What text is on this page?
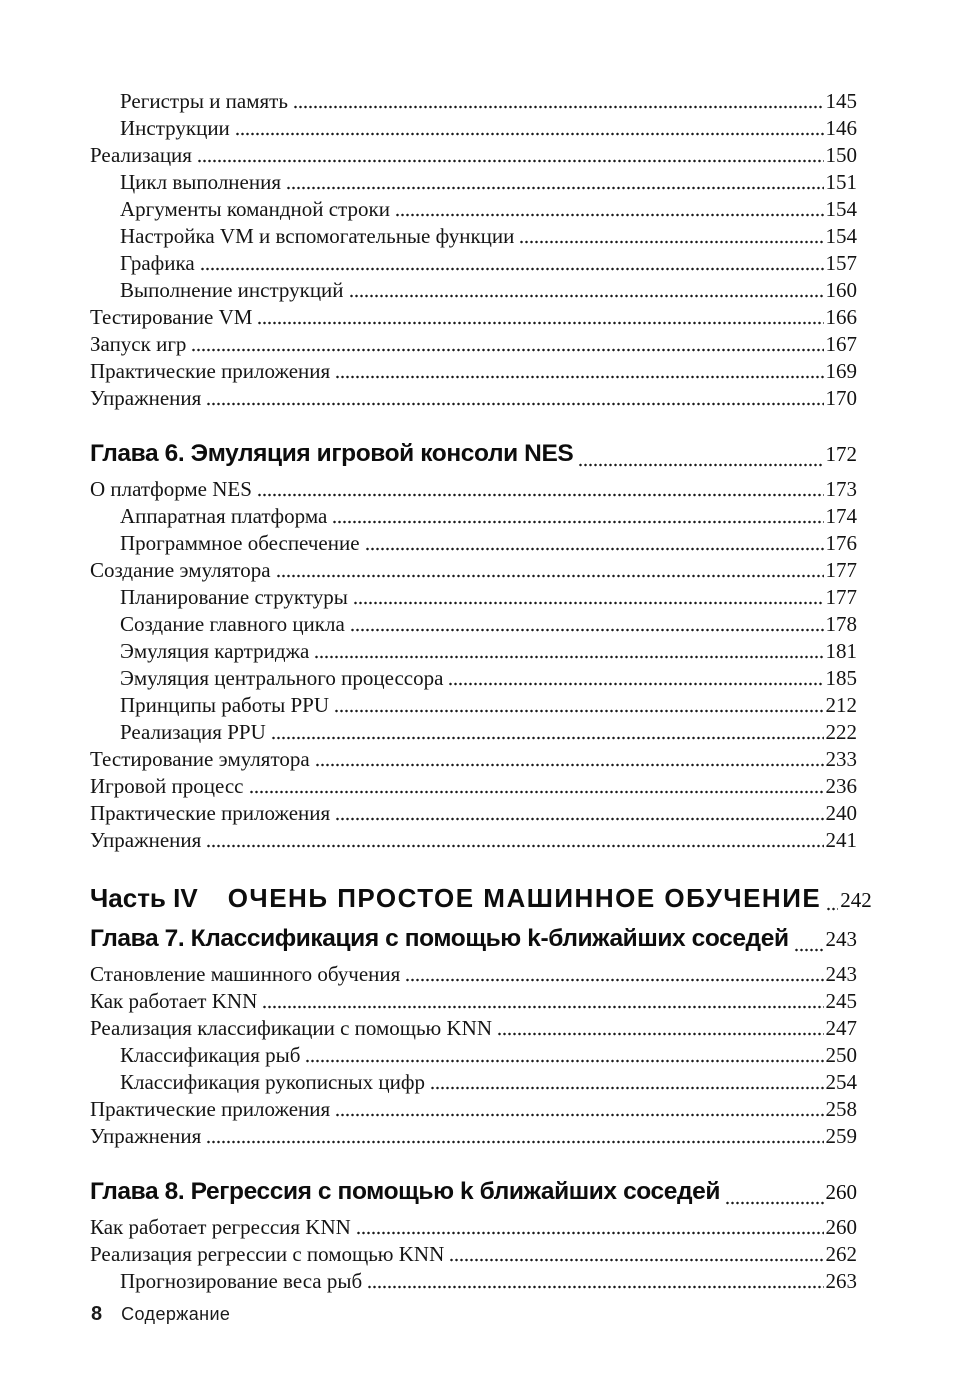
Регистры и память	145
Инструкции	146
Реализация	150
Цикл выполнения	151
Аргументы командной строки	154
Настройка VM и вспомогательные функции	154
Графика	157
Выполнение инструкций	160
Тестирование VM	166
Запуск игр	167
Практические приложения	169
Упражнения	170
Глава 6. Эмуляция игровой консоли NES	172
О платформе NES	173
Аппаратная платформа	174
Программное обеспечение	176
Создание эмулятора	177
Планирование структуры	177
Создание главного цикла	178
Эмуляция картриджа	181
Эмуляция центрального процессора	185
Принципы работы PPU	212
Реализация PPU	222
Тестирование эмулятора	233
Игровой процесс	236
Практические приложения	240
Упражнения	241
Часть IV ОЧЕНЬ ПРОСТОЕ МАШИННОЕ ОБУЧЕНИЕ 242
Глава 7. Классификация с помощью k-ближайших соседей 243
Становление машинного обучения	243
Как работает KNN	245
Реализация классификации с помощью KNN	247
Классификация рыб	250
Классификация рукописных цифр	254
Практические приложения	258
Упражнения	259
Глава 8. Регрессия с помощью k ближайших соседей	260
Как работает регрессия KNN	260
Реализация регрессии с помощью KNN	262
Прогнозирование веса рыб	263
8 Содержание
